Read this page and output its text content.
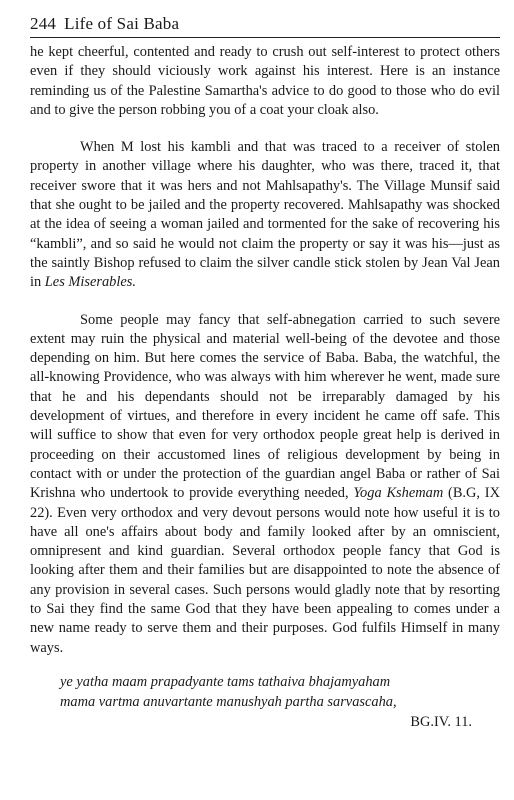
244 Life of Sai Baba

he kept cheerful, contented and ready to crush out self-interest to protect others even if they should viciously work against his interest. Here is an instance reminding us of the Palestine Samartha's advice to do good to those who do evil and to give the person robbing you of a coat your cloak also.

When M lost his kambli and that was traced to a receiver of stolen property in another village where his daughter, who was there, traced it, that receiver swore that it was hers and not Mahlsapathy's. The Village Munsif said that she ought to be jailed and the property recovered. Mahlsapathy was shocked at the idea of seeing a woman jailed and tormented for the sake of recovering his “kambli”, and so said he would not claim the property or say it was his—just as the saintly Bishop refused to claim the silver candle stick stolen by Jean Val Jean in Les Miserables.

Some people may fancy that self-abnegation carried to such severe extent may ruin the physical and material well-being of the devotee and those depending on him. But here comes the service of Baba. Baba, the watchful, the all-knowing Providence, who was always with him wherever he went, made sure that he and his dependants should not be irreparably damaged by his development of virtues, and therefore in every incident he came off safe. This will suffice to show that even for very orthodox people great help is derived in proceeding on their accustomed lines of religious development by being in contact with or under the protection of the guardian angel Baba or rather of Sai Krishna who undertook to provide everything needed, Yoga Kshemam (B.G, IX 22). Even very orthodox and very devout persons would note how useful it is to have all one's affairs about body and family looked after by an omniscient, omnipresent and kind guardian. Several orthodox people fancy that God is looking after them and their families but are disappointed to note the absence of any provision in several cases. Such persons would gladly note that by resorting to Sai they find the same God that they have been appealing to comes under a new name ready to serve them and their purposes. God fulfils Himself in many ways.

ye yatha maam prapadyante tams tathaiva bhajamyaham
mama vartma anuvartante manushyah partha sarvascaha,
BG.IV. 11.
